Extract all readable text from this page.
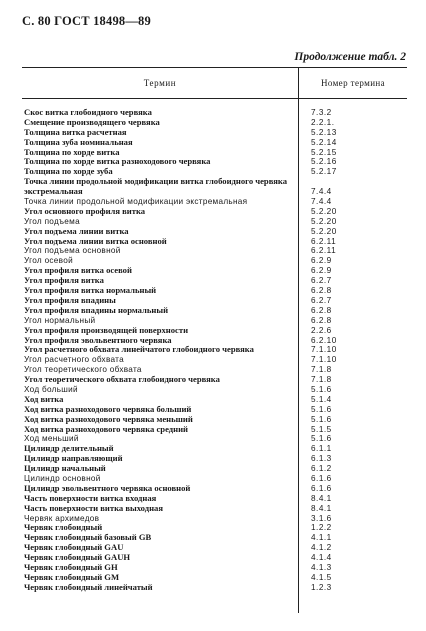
С. 80 ГОСТ 18498—89
Продолжение табл. 2
Термин	Номер термина
Скос витка глобоидного червяка	7.3.2
Смещение производящего червяка	2.2.1.
Толщина витка расчетная	5.2.13
Толщина зуба номинальная	5.2.14
Толщина по хорде витка	5.2.15
Толщина по хорде витка разноходового червяка	5.2.16
Толщина по хорде зуба	5.2.17
Точка линии продольной модификации витка глобоидного червяка экстремальная	7.4.4
Точка линии продольной модификации экстремальная	7.4.4
Угол основного профиля витка	5.2.20
Угол подъема	5.2.20
Угол подъема линии витка	5.2.20
Угол подъема линии витка основной	6.2.11
Угол подъема основной	6.2.11
Угол осевой	6.2.9
Угол профиля витка осевой	6.2.9
Угол профиля витка	6.2.7
Угол профиля витка нормальный	6.2.8
Угол профиля впадины	6.2.7
Угол профиля впадины нормальный	6.2.8
Угол нормальный	6.2.8
Угол профиля производящей поверхности	2.2.6
Угол профиля эвольвентного червяка	6.2.10
Угол расчетного обхвата линейчатого глобоидного червяка	7.1.10
Угол расчетного обхвата	7.1.10
Угол теоретического обхвата	7.1.8
Угол теоретического обхвата глобоидного червяка	7.1.8
Ход больший	5.1.6
Ход витка	5.1.4
Ход витка разноходового червяка больший	5.1.6
Ход витка разноходового червяка меньший	5.1.6
Ход витка разноходового червяка средний	5.1.5
Ход меньший	5.1.6
Цилиндр делительный	6.1.1
Цилиндр направляющий	6.1.3
Цилиндр начальный	6.1.2
Цилиндр основной	6.1.6
Цилиндр эвольвентного червяка основной	6.1.6
Часть поверхности витка входная	8.4.1
Часть поверхности витка выходная	8.4.1
Червяк архимедов	3.1.6
Червяк глобоидный	1.2.2
Червяк глобоидный базовый GB	4.1.1
Червяк глобоидный GAU	4.1.2
Червяк глобоидный GAUH	4.1.4
Червяк глобоидный GH	4.1.3
Червяк глобоидный GM	4.1.5
Червяк глобоидный линейчатый	1.2.3
